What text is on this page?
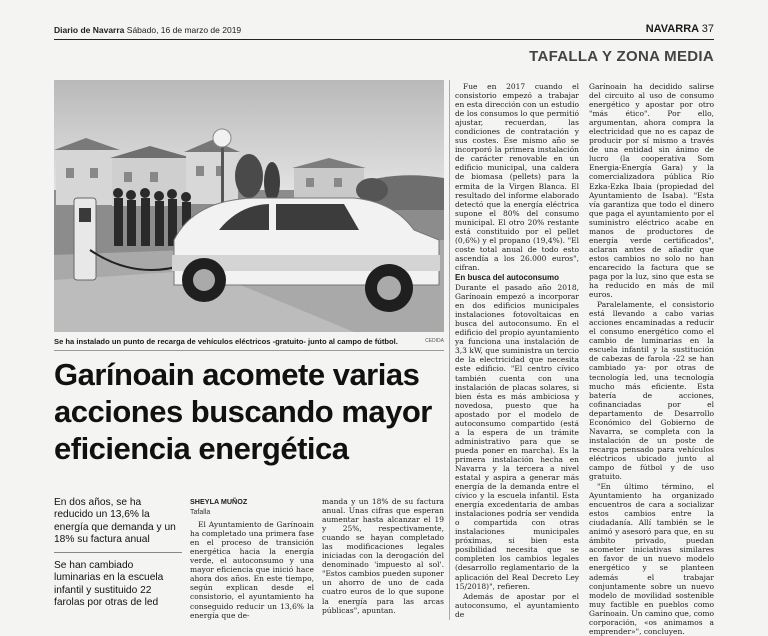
Diario de Navarra Sábado, 16 de marzo de 2019	NAVARRA 37
TAFALLA Y ZONA MEDIA
Se ha instalado un punto de recarga de vehículos eléctricos -gratuito- junto al campo de fútbol.	CEDIDA
Garínoain acomete varias acciones buscando mayor eficiencia energética
En dos años, se ha reducido un 13,6% la energía que demanda y un 18% su factura anual
Se han cambiado luminarias en la escuela infantil y sustituido 22 farolas por otras de led
SHEYLA MUÑOZ
Tafalla

El Ayuntamiento de Garínoain ha completado una primera fase en el proceso de transición energética hacia la energía verde, el autoconsumo y una mayor eficiencia que inició hace ahora dos años. En este tiempo, según explican desde el consistorio, el ayuntamiento ha conseguido reducir un 13,6% la energía que de-

manda y un 18% de su factura anual. Unas cifras que esperan aumentar hasta alcanzar el 19 y 25%, respectivamente, cuando se hayan completado las modificaciones legales iniciadas con la derogación del denominado 'impuesto al sol'. "Estos cambios pueden suponer un ahorro de uno de cada cuatro euros de lo que supone la energía para las arcas públicas", apuntan.

Fue en 2017 cuando el consistorio empezó a trabajar en esta dirección con un estudio de los consumos lo que permitió ajustar, recuerdan, las condiciones de contratación y sus costes. Ese mismo año se incorporó la primera instalación de carácter renovable en un edificio municipal, una caldera de biomasa (pellets) para la ermita de la Virgen Blanca. El resultado del informe elaborado detectó que la energía eléctrica supone el 80% del consumo municipal. El otro 20% restante está constituido por el pellet (0,6%) y el propano (19,4%). "El coste total anual de todo esto ascendía a los 26.000 euros", cifran.

En busca del autoconsumo

Durante el pasado año 2018, Garínoain empezó a incorporar en dos edificios municipales instalaciones fotovoltaicas en busca del autoconsumo. En el edificio del propio ayuntamiento ya funciona una instalación de 3,3 kW, que suministra un tercio de la electricidad que necesita este edificio. "El centro cívico también cuenta con una instalación de placas solares, si bien ésta es más ambiciosa y novedosa, puesto que ha apostado por el modelo de autoconsumo compartido (está a la espera de un trámite administrativo para que se pueda poner en marcha). Es la primera instalación hecha en Navarra y la tercera a nivel estatal y aspira a generar más energía de la demanda entre el cívico y la escuela infantil. Esta energía excedentaria de ambas instalaciones podría ser vendida o compartida con otras instalaciones municipales próximas, si bien esta posibilidad necesita que se completen los cambios legales (desarrollo reglamentario de la aplicación del Real Decreto Ley 15/2018)", refieren.

Además de apostar por el autoconsumo, el ayuntamiento de

Garínoain ha decidido salirse del circuito al uso de consumo energético y apostar por otro "más ético". Por ello, argumentan, ahora compra la electricidad que no es capaz de producir por sí mismo a través de una entidad sin ánimo de lucro (la cooperativa Som Energia-Energía Gara) y la comercializadora pública Río Ezka-Ezka Ibaia (propiedad del Ayuntamiento de Isaba). "Esta vía garantiza que todo el dinero que paga el ayuntamiento por el suministro eléctrico acabe en manos de productores de energía verde certificados", aclaran antes de añadir que estos cambios no solo no han encarecido la factura que se paga por la luz, sino que esta se ha reducido en más de mil euros.

Paralelamente, el consistorio está llevando a cabo varias acciones encaminadas a reducir el consumo energético como el cambio de luminarias en la escuela infantil y la sustitución de cabezas de farola -22 se han cambiado ya- por otras de tecnología led, una tecnología mucho más eficiente. Esta batería de acciones, cofinanciadas por el departamento de Desarrollo Económico del Gobierno de Navarra, se completa con la instalación de un poste de recarga pensado para vehículos eléctricos ubicado junto al campo de fútbol y de uso gratuito.

"En último término, el Ayuntamiento ha organizado encuentros de cara a socializar estos cambios entre la ciudadanía. Allí también se le animó y asesoró para que, en su ámbito privado, puedan acometer iniciativas similares en favor de un nuevo modelo energético y se planteen además el trabajar conjuntamente sobre un nuevo modelo de movilidad sostenible muy factible en pueblos como Garínoain. Un camino que, como corporación, «os animamos a emprender»", concluyen.
